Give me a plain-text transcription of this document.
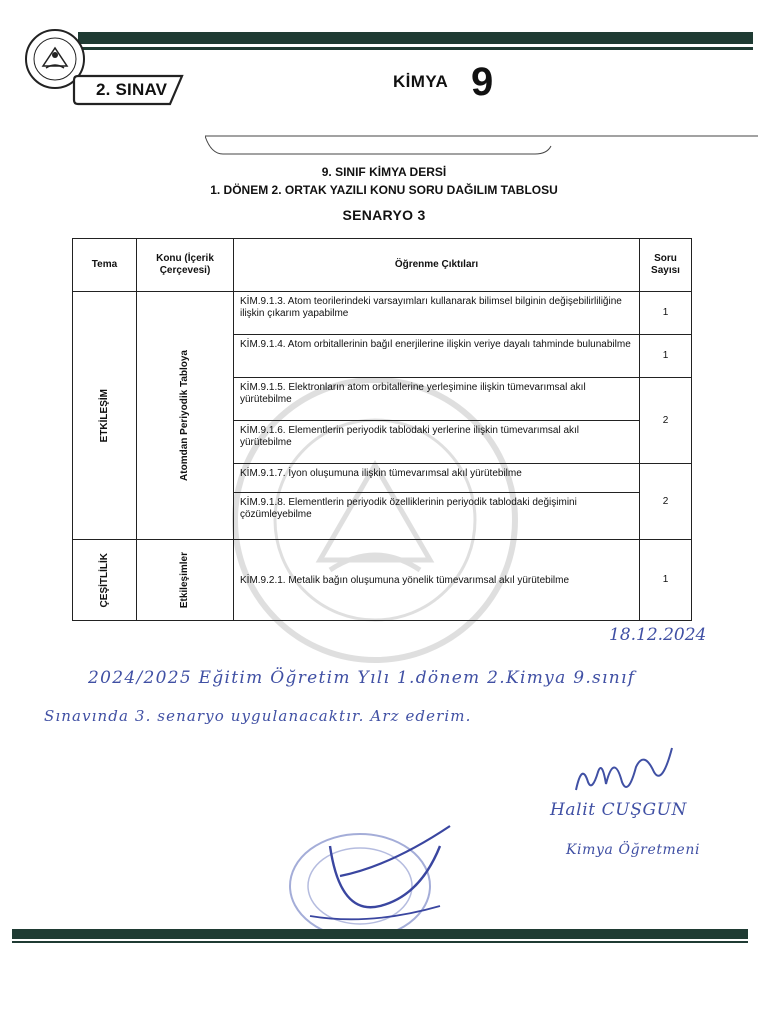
2. SINAV	KİMYA 9
9. SINIF KİMYA DERSİ
1. DÖNEM 2. ORTAK YAZILI KONU SORU DAĞILIM TABLOSU
SENARYO 3
Tema	Konu (İçerik Çerçevesi)	Öğrenme Çıktıları	Soru Sayısı

ETKİLEŞİM	Atomdan Periyodik Tabloya	KİM.9.1.3. Atom teorilerindeki varsayımları kullanarak bilimsel bilginin değişebilirliliğine ilişkin çıkarım yapabilme	1
		KİM.9.1.4. Atom orbitallerinin bağıl enerjilerine ilişkin veriye dayalı tahminde bulunabilme	1
		KİM.9.1.5. Elektronların atom orbitallerine yerleşimine ilişkin tümevarımsal akıl yürütebilme	2
		KİM.9.1.6. Elementlerin periyodik tablodaki yerlerine ilişkin tümevarımsal akıl yürütebilme	
		KİM.9.1.7. İyon oluşumuna ilişkin tümevarımsal akıl yürütebilme	2
		KİM.9.1.8. Elementlerin periyodik özelliklerinin periyodik tablodaki değişimini çözümleyebilme	

ÇEŞİTLİLİK	Etkileşimler	KİM.9.2.1. Metalik bağın oluşumuna yönelik tümevarımsal akıl yürütebilme	1
18.12.2024
2024/2025 Eğitim Öğretim Yılı 1.dönem 2.Kimya 9.sınıf
Sınavında 3. senaryo uygulanacaktır. Arz ederim.
Halit CUŞGUN
Kimya Öğretmeni
